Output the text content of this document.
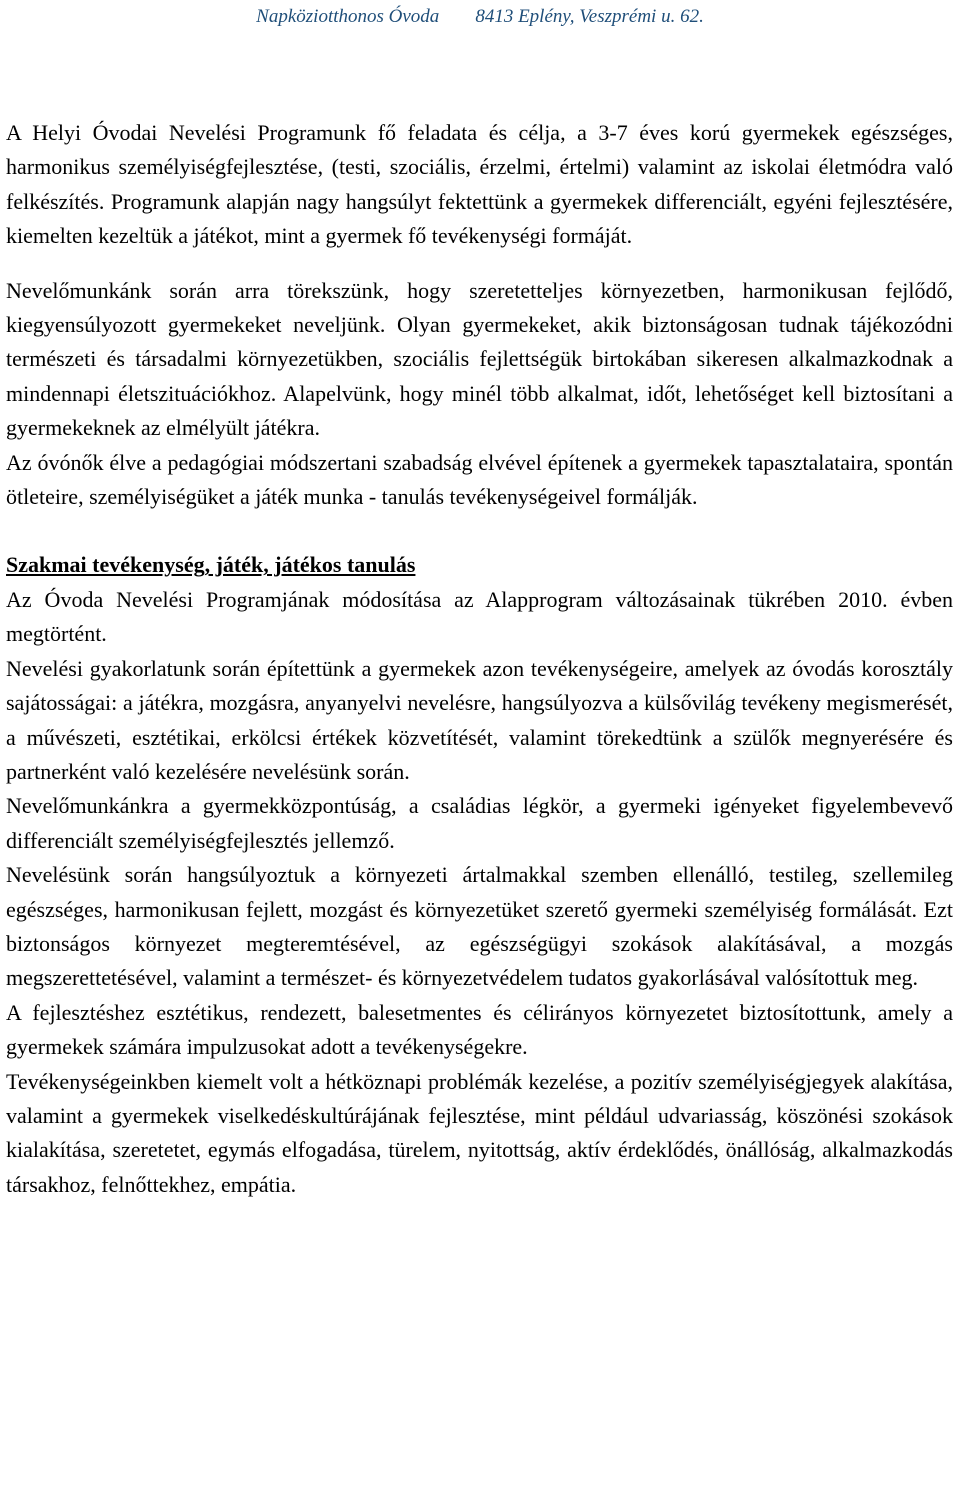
Napköziotthonos Óvoda 8413 Eplény, Veszprémi u. 62.

A Helyi Óvodai Nevelési Programunk fő feladata és célja, a 3-7 éves korú gyermekek egészséges, harmonikus személyiségfejlesztése, (testi, szociális, érzelmi, értelmi) valamint az iskolai életmódra való felkészítés. Programunk alapján nagy hangsúlyt fektettünk a gyermekek differenciált, egyéni fejlesztésére, kiemelten kezeltük a játékot, mint a gyermek fő tevékenységi formáját.

Nevelőmunkánk során arra törekszünk, hogy szeretetteljes környezetben, harmonikusan fejlődő, kiegyensúlyozott gyermekeket neveljünk. Olyan gyermekeket, akik biztonságosan tudnak tájékozódni természeti és társadalmi környezetükben, szociális fejlettségük birtokában sikeresen alkalmazkodnak a mindennapi életszituációkhoz. Alapelvünk, hogy minél több alkalmat, időt, lehetőséget kell biztosítani a gyermekeknek az elmélyült játékra.

Az óvónők élve a pedagógiai módszertani szabadság elvével építenek a gyermekek tapasztalataira, spontán ötleteire, személyiségüket a játék munka - tanulás tevékenységeivel formálják.

Szakmai tevékenység, játék, játékos tanulás

Az Óvoda Nevelési Programjának módosítása az Alapprogram változásainak tükrében 2010. évben megtörtént.

Nevelési gyakorlatunk során építettünk a gyermekek azon tevékenységeire, amelyek az óvodás korosztály sajátosságai: a játékra, mozgásra, anyanyelvi nevelésre, hangsúlyozva a külsővilág tevékeny megismerését, a művészeti, esztétikai, erkölcsi értékek közvetítését, valamint törekedtünk a szülők megnyerésére és partnerként való kezelésére nevelésünk során.

Nevelőmunkánkra a gyermekközpontúság, a családias légkör, a gyermeki igényeket figyelembevevő differenciált személyiségfejlesztés jellemző.

Nevelésünk során hangsúlyoztuk a környezeti ártalmakkal szemben ellenálló, testileg, szellemileg egészséges, harmonikusan fejlett, mozgást és környezetüket szerető gyermeki személyiség formálását. Ezt biztonságos környezet megteremtésével, az egészségügyi szokások alakításával, a mozgás megszerettetésével, valamint a természet- és környezetvédelem tudatos gyakorlásával valósítottuk meg.

A fejlesztéshez esztétikus, rendezett, balesetmentes és célirányos környezetet biztosítottunk, amely a gyermekek számára impulzusokat adott a tevékenységekre.

Tevékenységeinkben kiemelt volt a hétköznapi problémák kezelése, a pozitív személyiségjegyek alakítása, valamint a gyermekek viselkedéskultúrájának fejlesztése, mint például udvariasság, köszönési szokások kialakítása, szeretetet, egymás elfogadása, türelem, nyitottság, aktív érdeklődés, önállóság, alkalmazkodás társakhoz, felnőttekhez, empátia.
